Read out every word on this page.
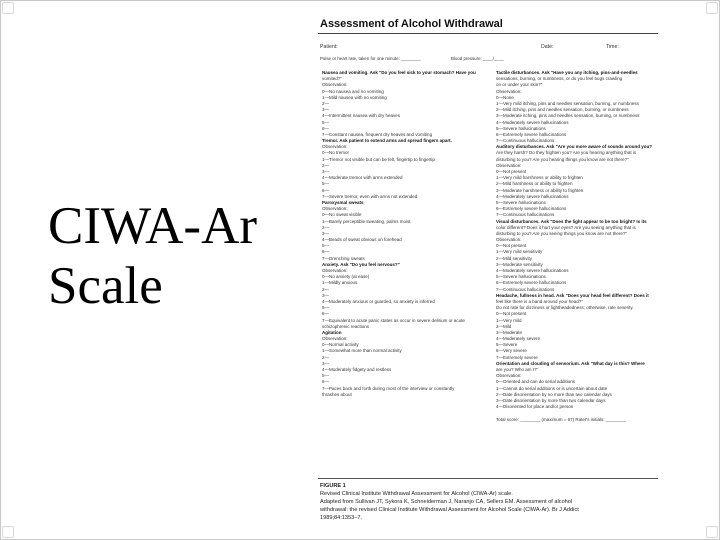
CIWA-Ar
Scale
Assessment of Alcohol Withdrawal
Patient:	Date:	Time:
Pulse or heart rate, taken for one minute: ________	Blood pressure: ____/____
Nausea and vomiting. Ask "Do you feel sick to your stomach? Have you
vomited?"
Observation:
0—No nausea and no vomiting
1—Mild nausea with no vomiting
2—
3—
4—Intermittent nausea with dry heaves
5—
6—
7—Constant nausea, frequent dry heaves and vomiting
Tremor. Ask patient to extend arms and spread fingers apart.
Observation:
0—No tremor
1—Tremor not visible but can be felt, fingertip to fingertip
2—
3—
4—Moderate tremor with arms extended
5—
6—
7—Severe tremor, even with arms not extended
Paroxysmal sweats
Observation:
0—No sweat visible
1—Barely perceptible sweating, palms moist
2—
3—
4—Beads of sweat obvious on forehead
5—
6—
7—Drenching sweats
Anxiety. Ask "Do you feel nervous?"
Observation:
0—No anxiety (at ease)
1—Mildly anxious
2—
3—
4—Moderately anxious or guarded, so anxiety is inferred
5—
6—
7—Equivalent to acute panic states as occur in severe delirium or acute
schizophrenic reactions
Agitation
Observation:
0—Normal activity
1—Somewhat more than normal activity
2—
3—
4—Moderately fidgety and restless
5—
6—
7—Paces back and forth during most of the interview or constantly
thrashes about
Tactile disturbances. Ask "Have you any itching, pins-and-needles
sensations, burning, or numbness, or do you feel bugs crawling
on or under your skin?"
Observation:
0—None
1—Very mild itching, pins and needles sensation, burning, or numbness
2—Mild itching, pins and needles sensation, burning, or numbness
3—Moderate itching, pins and needles sensation, burning, or numbness
4—Moderately severe hallucinations
5—Severe hallucinations
6—Extremely severe hallucinations
7—Continuous hallucinations
Auditory disturbances. Ask "Are you more aware of sounds around you?
Are they harsh? Do they frighten you? Are you hearing anything that is
disturbing to you? Are you hearing things you know are not there?"
Observation:
0—Not present
1—Very mild harshness or ability to frighten
2—Mild harshness or ability to frighten
3—Moderate harshness or ability to frighten
4—Moderately severe hallucinations
5—Severe hallucinations
6—Extremely severe hallucinations
7—Continuous hallucinations
Visual disturbances. Ask "Does the light appear to be too bright? Is its
color different? Does it hurt your eyes? Are you seeing anything that is
disturbing to you? Are you seeing things you know are not there?"
Observation:
0—Not present
1—Very mild sensitivity
2—Mild sensitivity
3—Moderate sensitivity
4—Moderately severe hallucinations
5—Severe hallucinations
6—Extremely severe hallucinations
7—Continuous hallucinations
Headache, fullness in head. Ask "Does your head feel different? Does it
feel like there is a band around your head?"
Do not rate for dizziness or lightheadedness; otherwise, rate severity.
0—Not present
1—Very mild
2—Mild
3—Moderate
4—Moderately severe
5—Severe
6—Very severe
7—Extremely severe
Orientation and clouding of sensorium. Ask "What day is this? Where
are you? Who am I?"
Observation:
0—Oriented and can do serial additions
1—Cannot do serial additions or is uncertain about date
2—Date disorientation by no more than two calendar days
3—Date disorientation by more than two calendar days
4—Disoriented for place and/or person
Total score: ________ (maximum = 67) Rater's initials: ________
FIGURE 1
Revised Clinical Institute Withdrawal Assessment for Alcohol (CIWA-Ar) scale.
Adapted from Sullivan JT, Sykora K, Schneiderman J, Naranjo CA, Sellers EM. Assessment of alcohol
withdrawal: the revised Clinical Institute Withdrawal Assessment for Alcohol Scale (CIWA-Ar). Br J Addict
1989;84:1353–7.
